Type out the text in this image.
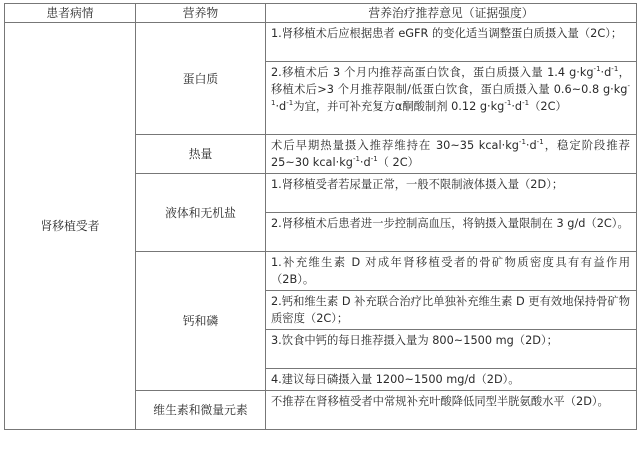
患者病情	营养物	营养治疗推荐意见（证据强度）
肾移植受者	蛋白质	1.肾移植术后应根据患者 eGFR 的变化适当调整蛋白质摄入量（2C）；
2.移植术后 3 个月内推荐高蛋白饮食，蛋白质摄入量 1.4 $g\cdot kg^{-1}\cdot d^{-1}$，移植术后>3 个月推荐限制/低蛋白饮食，蛋白质摄入量 0.6~0.8 $g\cdot kg^{-1}\cdot d^{-1}$为宜，并可补充复方α酮酸制剂 0.12 $g\cdot kg^{-1}\cdot d^{-1}(2C)$

	热量	术后早期热量摄入推荐维持在 30~35 $kcal\cdot kg^{-1}\cdot d^{-1}$，稳定阶段推荐 25~30 $kcal\cdot kg^{-1}\cdot d^{-1}$（ 2C）
	液体和无机盐	1.肾移植受者若尿量正常，一般不限制液体摄入量（2D）；
2.肾移植术后患者进一步控制高血压，将钠摄入量限制在 3 g/d（2C）。

	钙和磷	1.补充维生素 D 对成年肾移植受者的骨矿物质密度具有有益作用（2B）。
2.钙和维生素 D 补充联合治疗比单独补充维生素 D 更有效地保持骨矿物质密度（2C）；
3.饮食中钙的每日推荐摄入量为 800~1500 mg（2D）；
4.建议每日磷摄入量 1200~1500 mg/d（2D）。

	维生素和微量元素	不推荐在肾移植受者中常规补充叶酸降低同型半胱氨酸水平（2D）。
